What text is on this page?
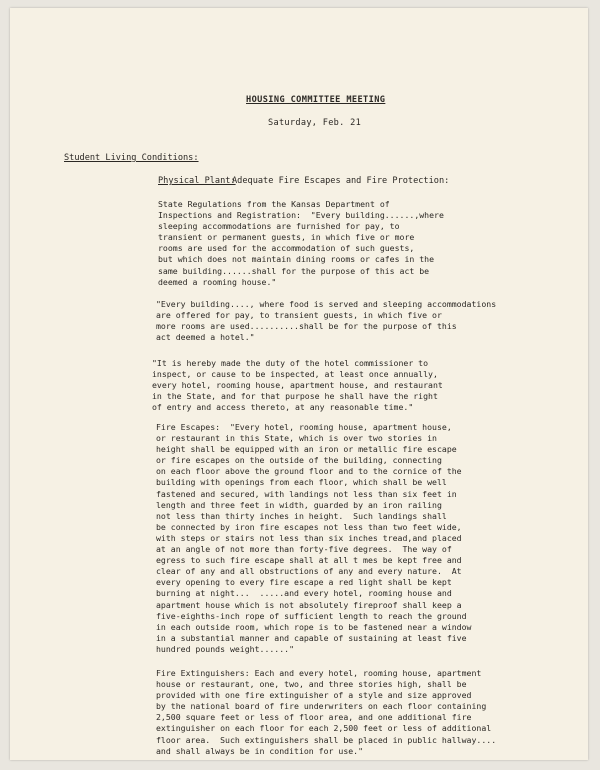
HOUSING COMMITTEE MEETING
Saturday, Feb. 21
Student Living Conditions:
Physical Plant:
Adequate Fire Escapes and Fire Protection:
State Regulations from the Kansas Department of
Inspections and Registration:  "Every building......,where
sleeping accommodations are furnished for pay, to
transient or permanent guests, in which five or more
rooms are used for the accommodation of such guests,
but which does not maintain dining rooms or cafes in the
same building......shall for the purpose of this act be
deemed a rooming house."
"Every building...., where food is served and sleeping accommodations
are offered for pay, to transient guests, in which five or
more rooms are used..........shall be for the purpose of this
act deemed a hotel."
"It is hereby made the duty of the hotel commissioner to
inspect, or cause to be inspected, at least once annually,
every hotel, rooming house, apartment house, and restaurant
in the State, and for that purpose he shall have the right
of entry and access thereto, at any reasonable time."
Fire Escapes:  "Every hotel, rooming house, apartment house,
or restaurant in this State, which is over two stories in
height shall be equipped with an iron or metallic fire escape
or fire escapes on the outside of the building, connecting
on each floor above the ground floor and to the cornice of the
building with openings from each floor, which shall be well
fastened and secured, with landings not less than six feet in
length and three feet in width, guarded by an iron railing
not less than thirty inches in height.  Such landings shall
be connected by iron fire escapes not less than two feet wide,
with steps or stairs not less than six inches tread,and placed
at an angle of not more than forty-five degrees.  The way of
egress to such fire escape shall at all t mes be kept free and
clear of any and all obstructions of any and every nature.  At
every opening to every fire escape a red light shall be kept
burning at night...  .....and every hotel, rooming house and
apartment house which is not absolutely fireproof shall keep a
five-eighths-inch rope of sufficient length to reach the ground
in each outside room, which rope is to be fastened near a window
in a substantial manner and capable of sustaining at least five
hundred pounds weight......"
Fire Extinguishers: Each and every hotel, rooming house, apartment
house or restaurant, one, two, and three stories high, shall be
provided with one fire extinguisher of a style and size approved
by the national board of fire underwriters on each floor containing
2,500 square feet or less of floor area, and one additional fire
extinguisher on each floor for each 2,500 feet or less of additional
floor area.  Such extinguishers shall be placed in public hallway....
and shall always be in condition for use."
